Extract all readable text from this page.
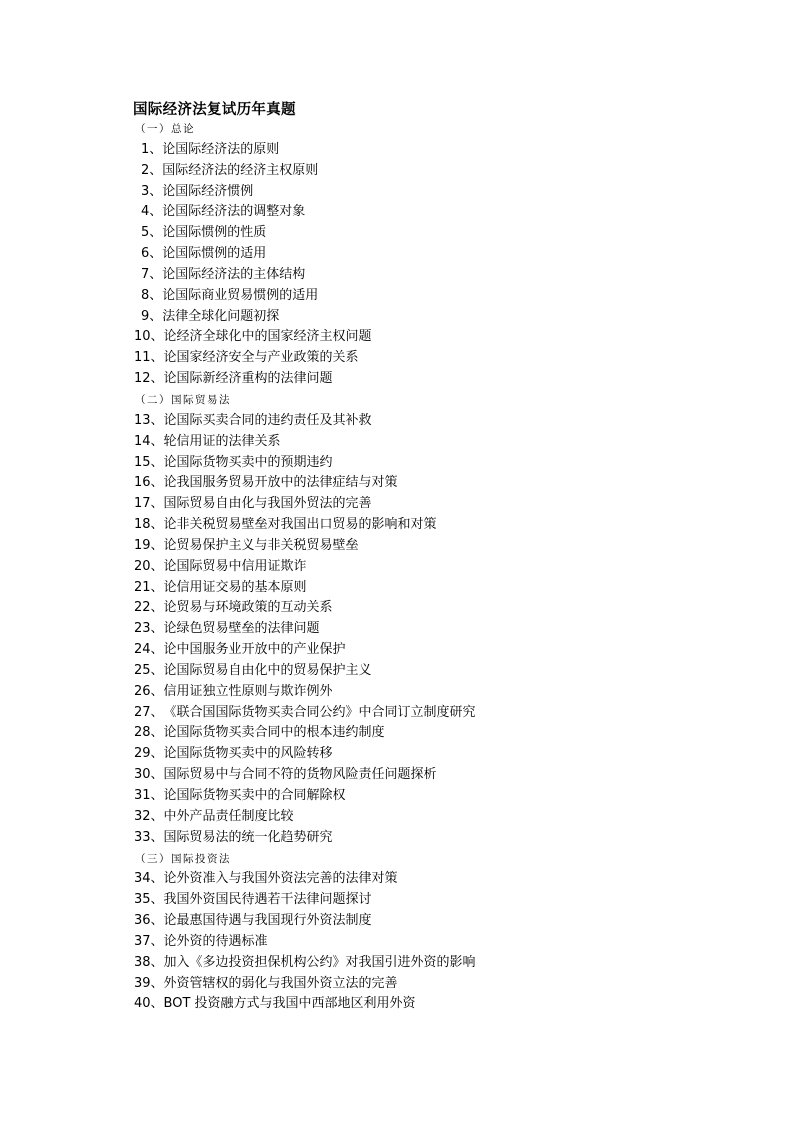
国际经济法复试历年真题
（一）总论
1、论国际经济法的原则
2、国际经济法的经济主权原则
3、论国际经济惯例
4、论国际经济法的调整对象
5、论国际惯例的性质
6、论国际惯例的适用
7、论国际经济法的主体结构
8、论国际商业贸易惯例的适用
9、法律全球化问题初探
10、论经济全球化中的国家经济主权问题
11、论国家经济安全与产业政策的关系
12、论国际新经济重构的法律问题
（二）国际贸易法
13、论国际买卖合同的违约责任及其补救
14、轮信用证的法律关系
15、论国际货物买卖中的预期违约
16、论我国服务贸易开放中的法律症结与对策
17、国际贸易自由化与我国外贸法的完善
18、论非关税贸易壁垒对我国出口贸易的影响和对策
19、论贸易保护主义与非关税贸易壁垒
20、论国际贸易中信用证欺诈
21、论信用证交易的基本原则
22、论贸易与环境政策的互动关系
23、论绿色贸易壁垒的法律问题
24、论中国服务业开放中的产业保护
25、论国际贸易自由化中的贸易保护主义
26、信用证独立性原则与欺诈例外
27、《联合国国际货物买卖合同公约》中合同订立制度研究
28、论国际货物买卖合同中的根本违约制度
29、论国际货物买卖中的风险转移
30、国际贸易中与合同不符的货物风险责任问题探析
31、论国际货物买卖中的合同解除权
32、中外产品责任制度比较
33、国际贸易法的统一化趋势研究
（三）国际投资法
34、论外资准入与我国外资法完善的法律对策
35、我国外资国民待遇若干法律问题探讨
36、论最惠国待遇与我国现行外资法制度
37、论外资的待遇标准
38、加入《多边投资担保机构公约》对我国引进外资的影响
39、外资管辖权的弱化与我国外资立法的完善
40、BOT 投资融方式与我国中西部地区利用外资
